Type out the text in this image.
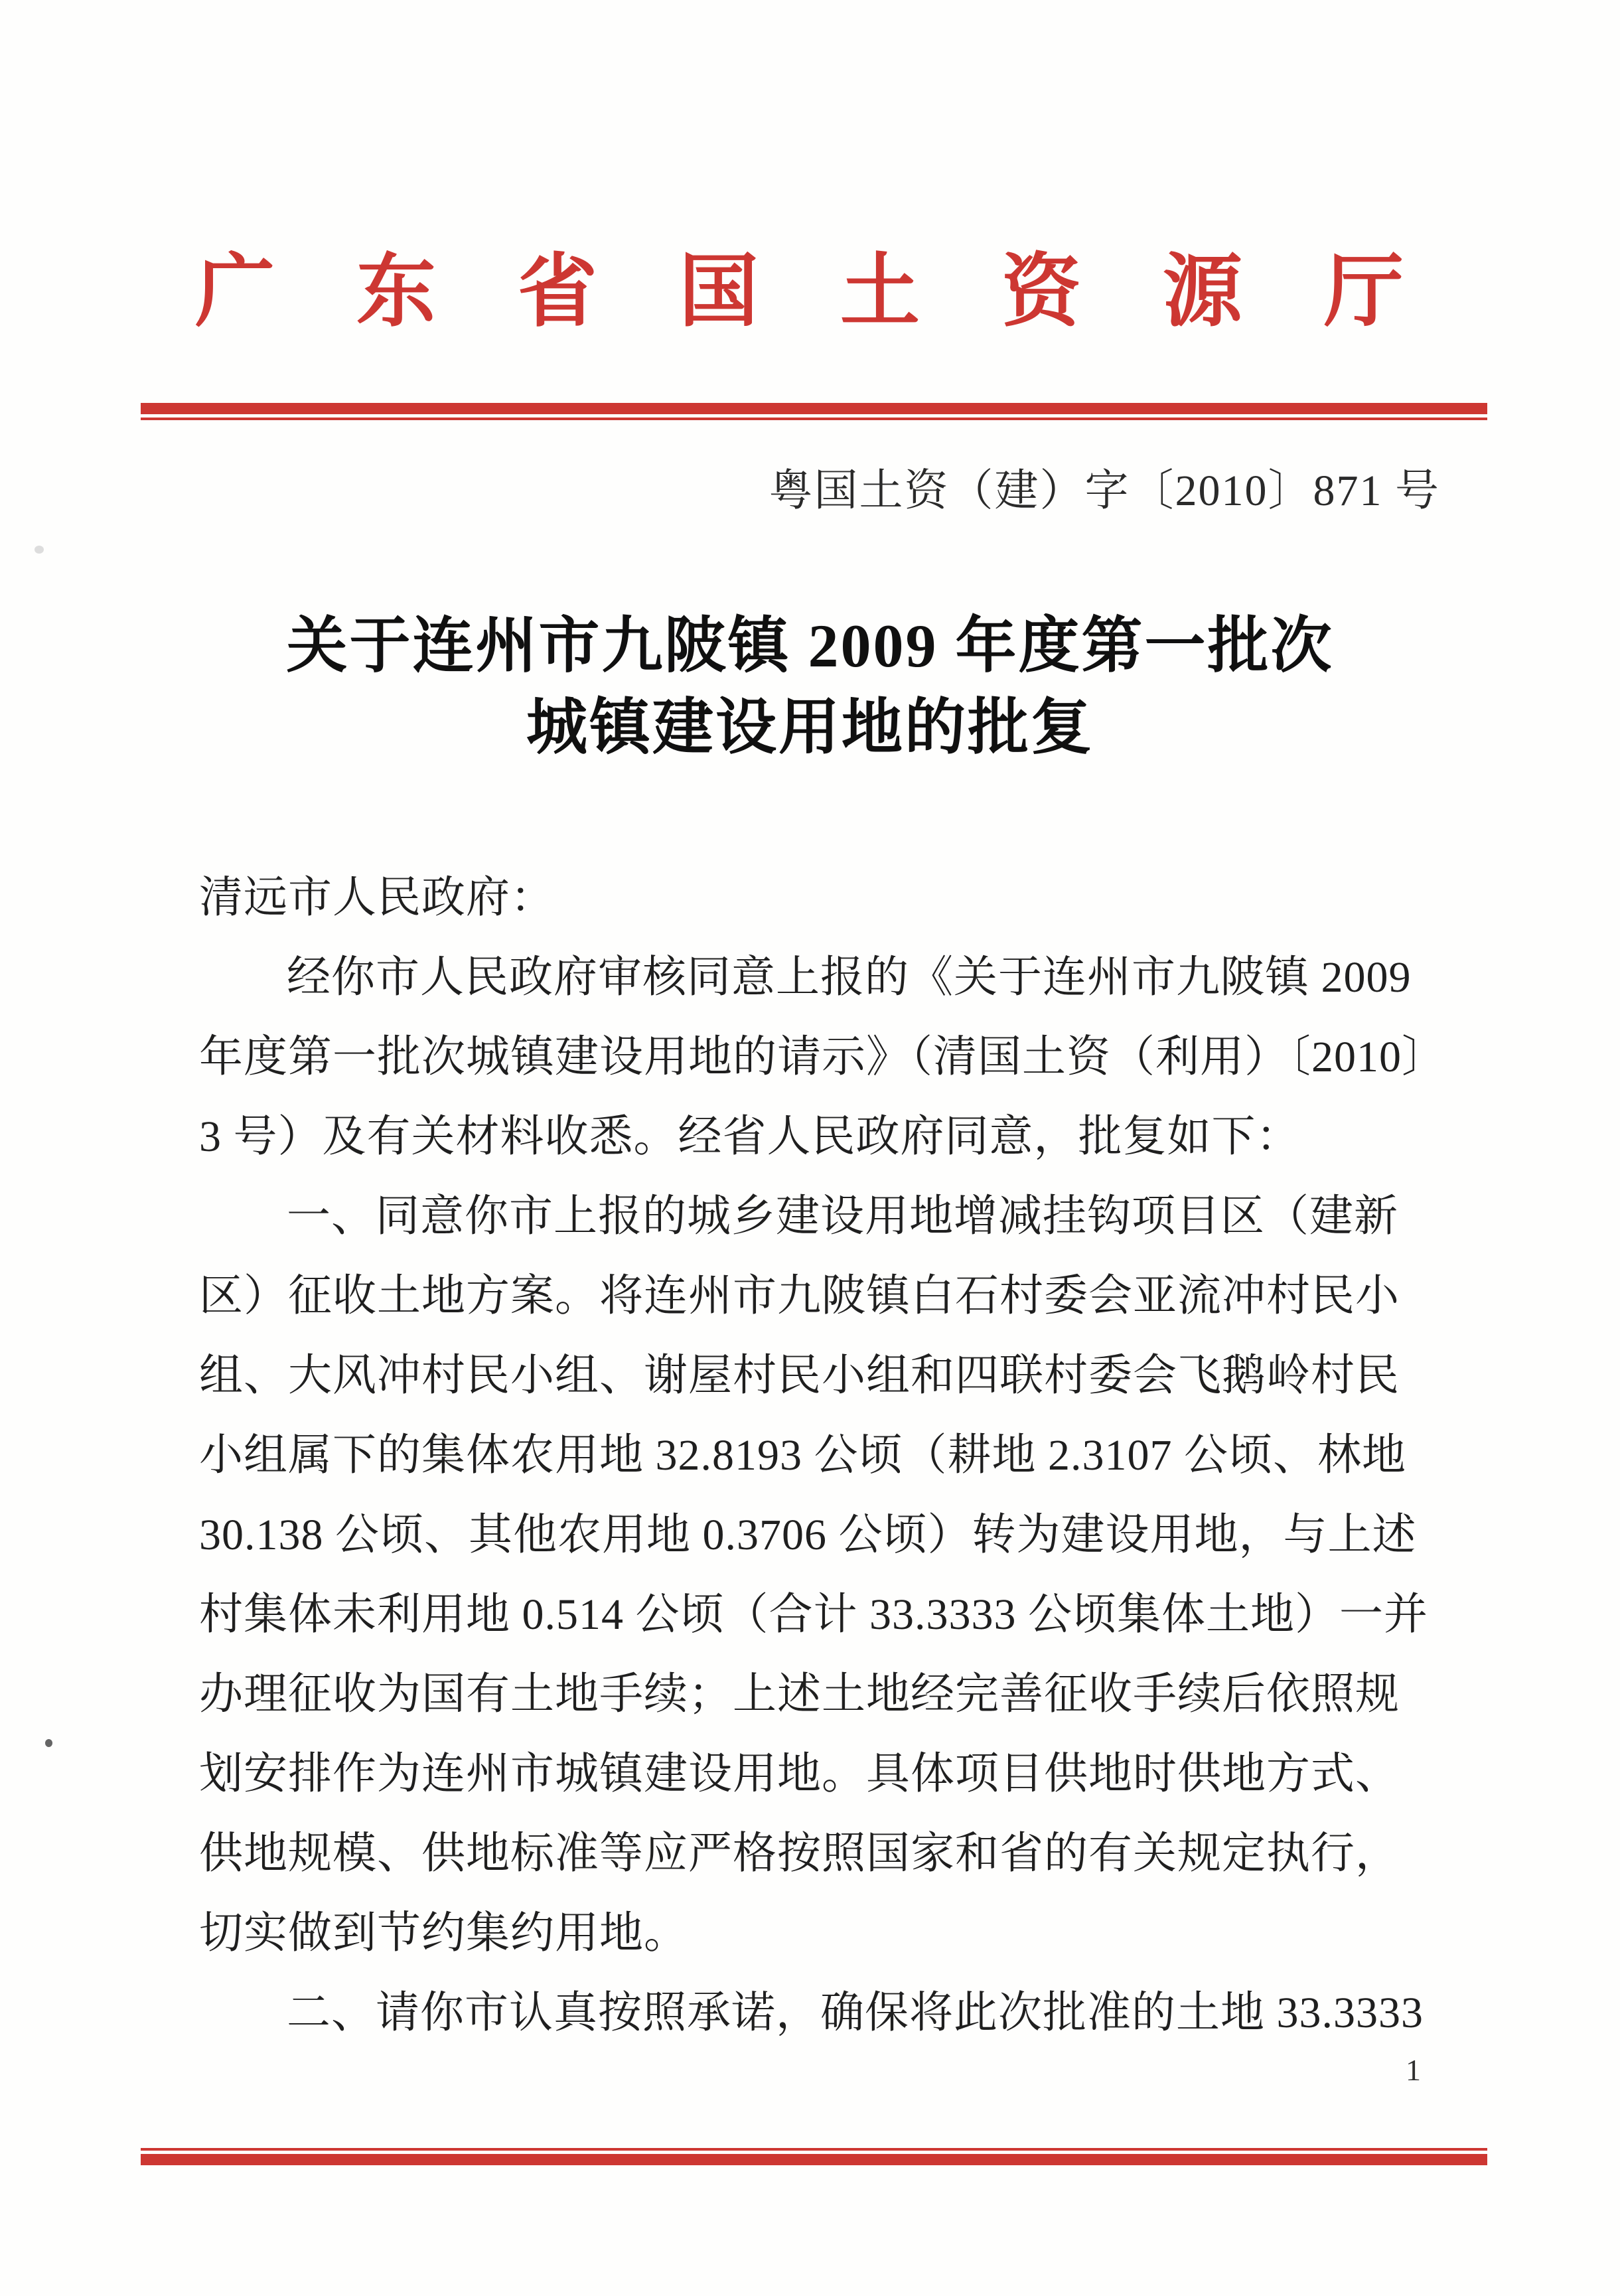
广东省国土资源厅
粤国土资（建）字〔2010〕871 号
关于连州市九陂镇 2009 年度第一批次
城镇建设用地的批复
清远市人民政府：
经你市人民政府审核同意上报的《关于连州市九陂镇 2009
年度第一批次城镇建设用地的请示》（清国土资（利用）〔2010〕
3 号）及有关材料收悉。经省人民政府同意，批复如下：
一、同意你市上报的城乡建设用地增减挂钩项目区（建新
区）征收土地方案。将连州市九陂镇白石村委会亚流冲村民小
组、大风冲村民小组、谢屋村民小组和四联村委会飞鹅岭村民
小组属下的集体农用地 32.8193 公顷（耕地 2.3107 公顷、林地
30.138 公顷、其他农用地 0.3706 公顷）转为建设用地，与上述
村集体未利用地 0.514 公顷（合计 33.3333 公顷集体土地）一并
办理征收为国有土地手续；上述土地经完善征收手续后依照规
划安排作为连州市城镇建设用地。具体项目供地时供地方式、
供地规模、供地标准等应严格按照国家和省的有关规定执行，
切实做到节约集约用地。
二、请你市认真按照承诺，确保将此次批准的土地 33.3333
1
